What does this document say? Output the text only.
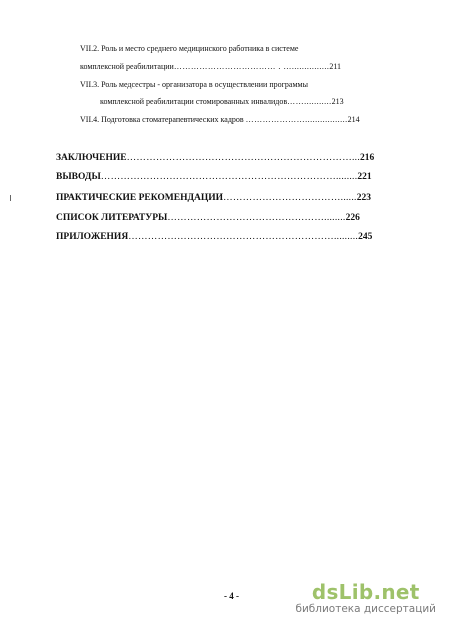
VII.2. Роль и место среднего медицинского работника в системе
комплексной реабилитации……………………………… . …...............211
VII.3. Роль медсестры - организатора в осуществлении программы
комплексной реабилитации стомированных инвалидов……...........213
VII.4. Подготовка стоматерапевтических кадров ………………….................214
ЗАКЛЮЧЕНИЕ……………………………………………………………...216
ВЫВОДЫ………………………………………………………………........221
ПРАКТИЧЕСКИЕ РЕКОМЕНДАЦИИ………………………………......223
СПИСОК ЛИТЕРАТУРЫ…………………………………………........226
ПРИЛОЖЕНИЯ……………………………………………………….........245
- 4 -	dsLib.net
библиотека диссертаций
